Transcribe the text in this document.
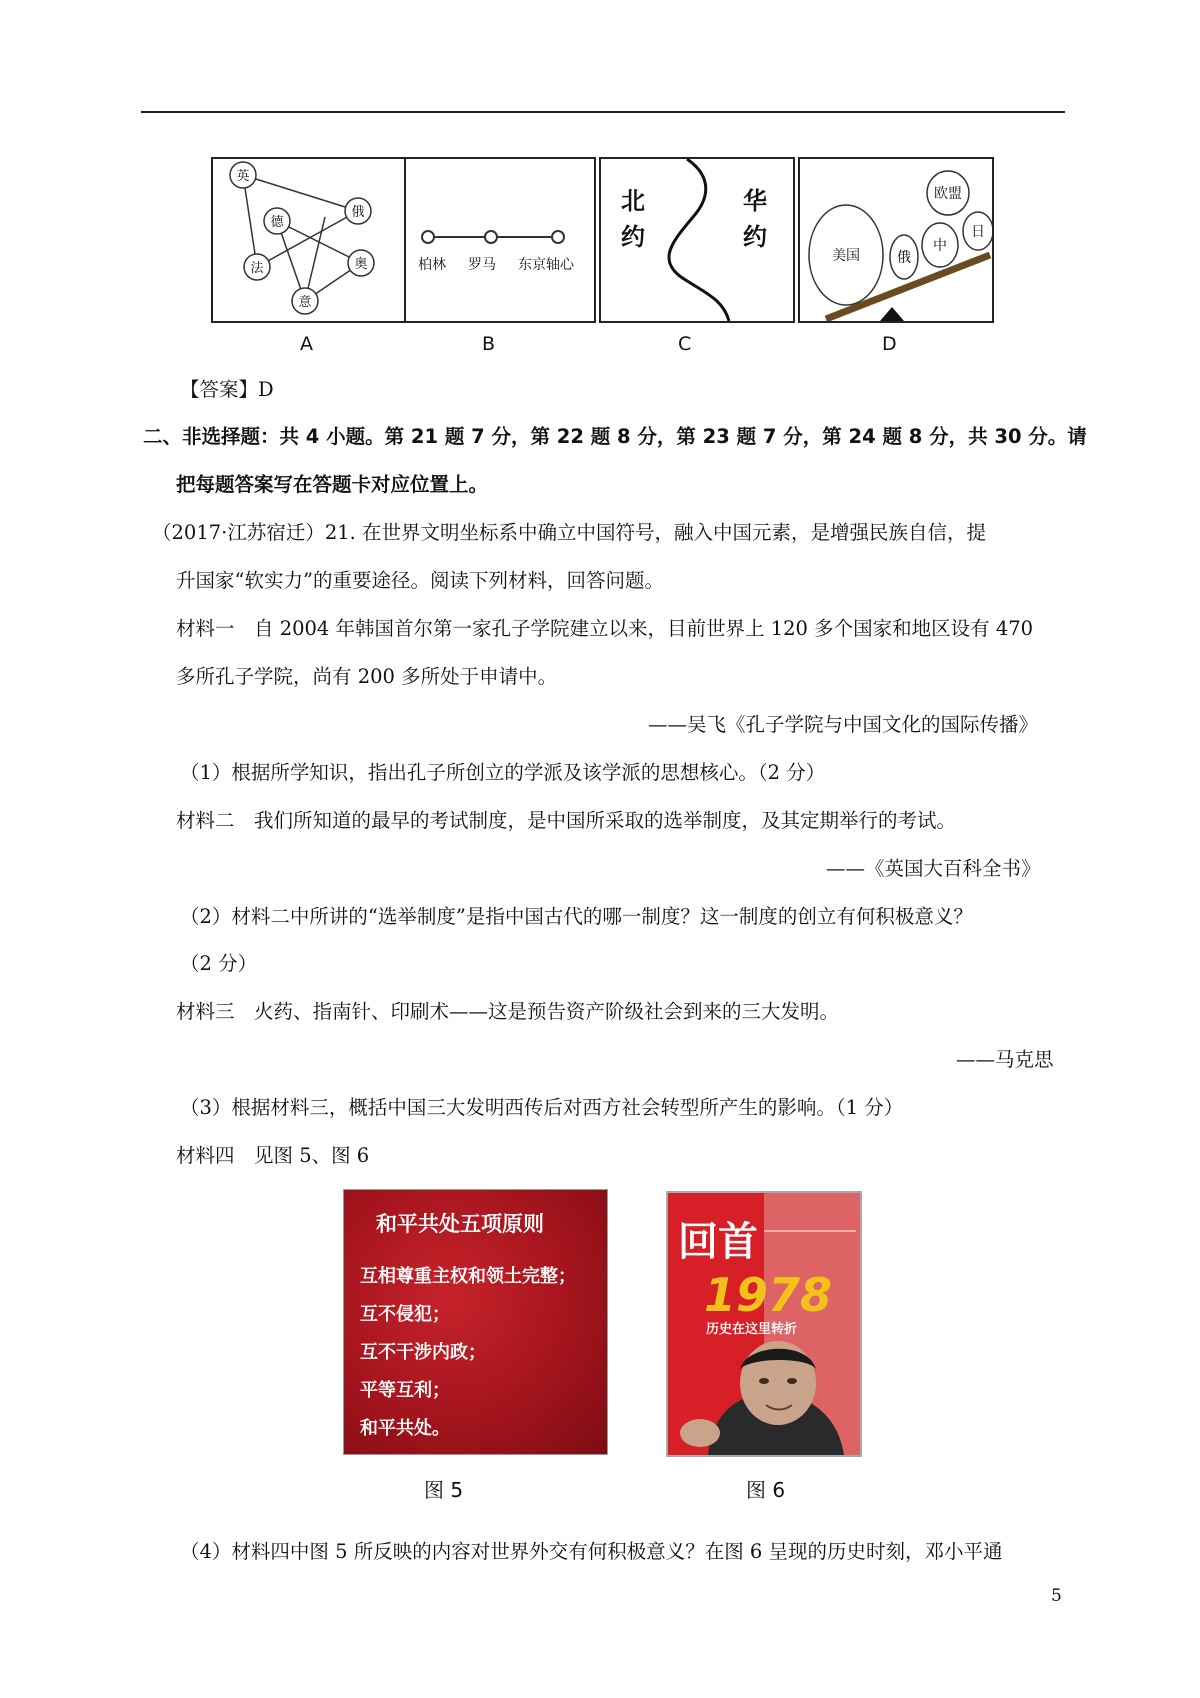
英
俄
德
法	奥
意
A
柏林 罗马 东京轴心
B
北
约
华
约
C
美国	俄
中
欧盟
日
D
【答案】D
二、非选择题：共 4 小题。第 21 题 7 分，第 22 题 8 分，第 23 题 7 分，第 24 题 8 分，共 30 分。请
把每题答案写在答题卡对应位置上。
（2017·江苏宿迁）21. 在世界文明坐标系中确立中国符号，融入中国元素，是增强民族自信，提
升国家“软实力”的重要途径。阅读下列材料，回答问题。
材料一　自 2004 年韩国首尔第一家孔子学院建立以来，目前世界上 120 多个国家和地区设有 470
多所孔子学院，尚有 200 多所处于申请中。
——吴飞《孔子学院与中国文化的国际传播》
（1）根据所学知识，指出孔子所创立的学派及该学派的思想核心。（2 分）
材料二　我们所知道的最早的考试制度，是中国所采取的选举制度，及其定期举行的考试。
——《英国大百科全书》
（2）材料二中所讲的“选举制度”是指中国古代的哪一制度？这一制度的创立有何积极意义？
（2 分）
材料三　火药、指南针、印刷术——这是预告资产阶级社会到来的三大发明。
——马克思
（3）根据材料三，概括中国三大发明西传后对西方社会转型所产生的影响。（1 分）
材料四　见图 5、图 6
和平共处五项原则
互相尊重主权和领土完整；
互不侵犯；
互不干涉内政；
平等互利；
和平共处。
图 5
回首
1978
历史在这里转折
图 6
（4）材料四中图 5 所反映的内容对世界外交有何积极意义？在图 6 呈现的历史时刻，邓小平通
5
